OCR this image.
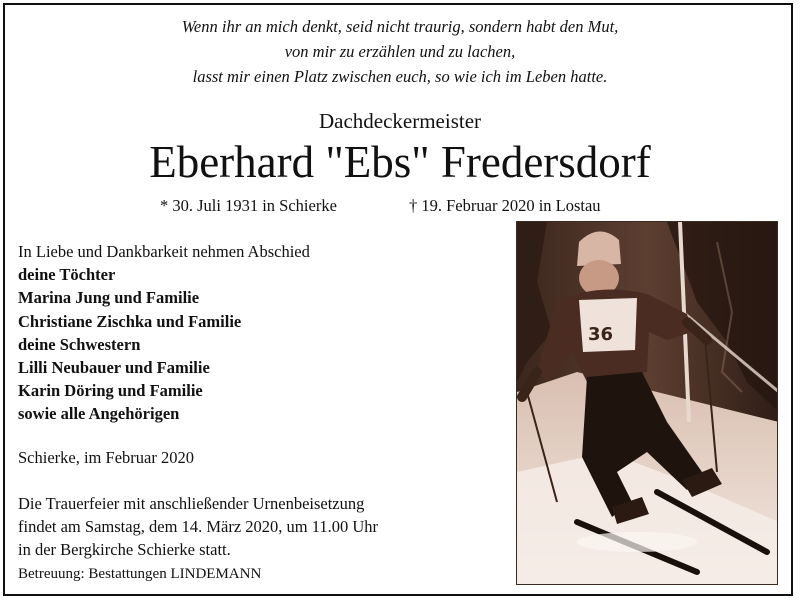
Wenn ihr an mich denkt, seid nicht traurig, sondern habt den Mut,
von mir zu erzählen und zu lachen,
lasst mir einen Platz zwischen euch, so wie ich im Leben hatte.
Dachdeckermeister
Eberhard "Ebs" Fredersdorf
* 30. Juli 1931 in Schierke	† 19. Februar 2020 in Lostau
In Liebe und Dankbarkeit nehmen Abschied
deine Töchter
Marina Jung und Familie
Christiane Zischka und Familie
deine Schwestern
Lilli Neubauer und Familie
Karin Döring und Familie
sowie alle Angehörigen
Schierke, im Februar 2020
Die Trauerfeier mit anschließender Urnenbeisetzung
findet am Samstag, dem 14. März 2020, um 11.00 Uhr
in der Bergkirche Schierke statt.
Betreuung: Bestattungen LINDEMANN
36
